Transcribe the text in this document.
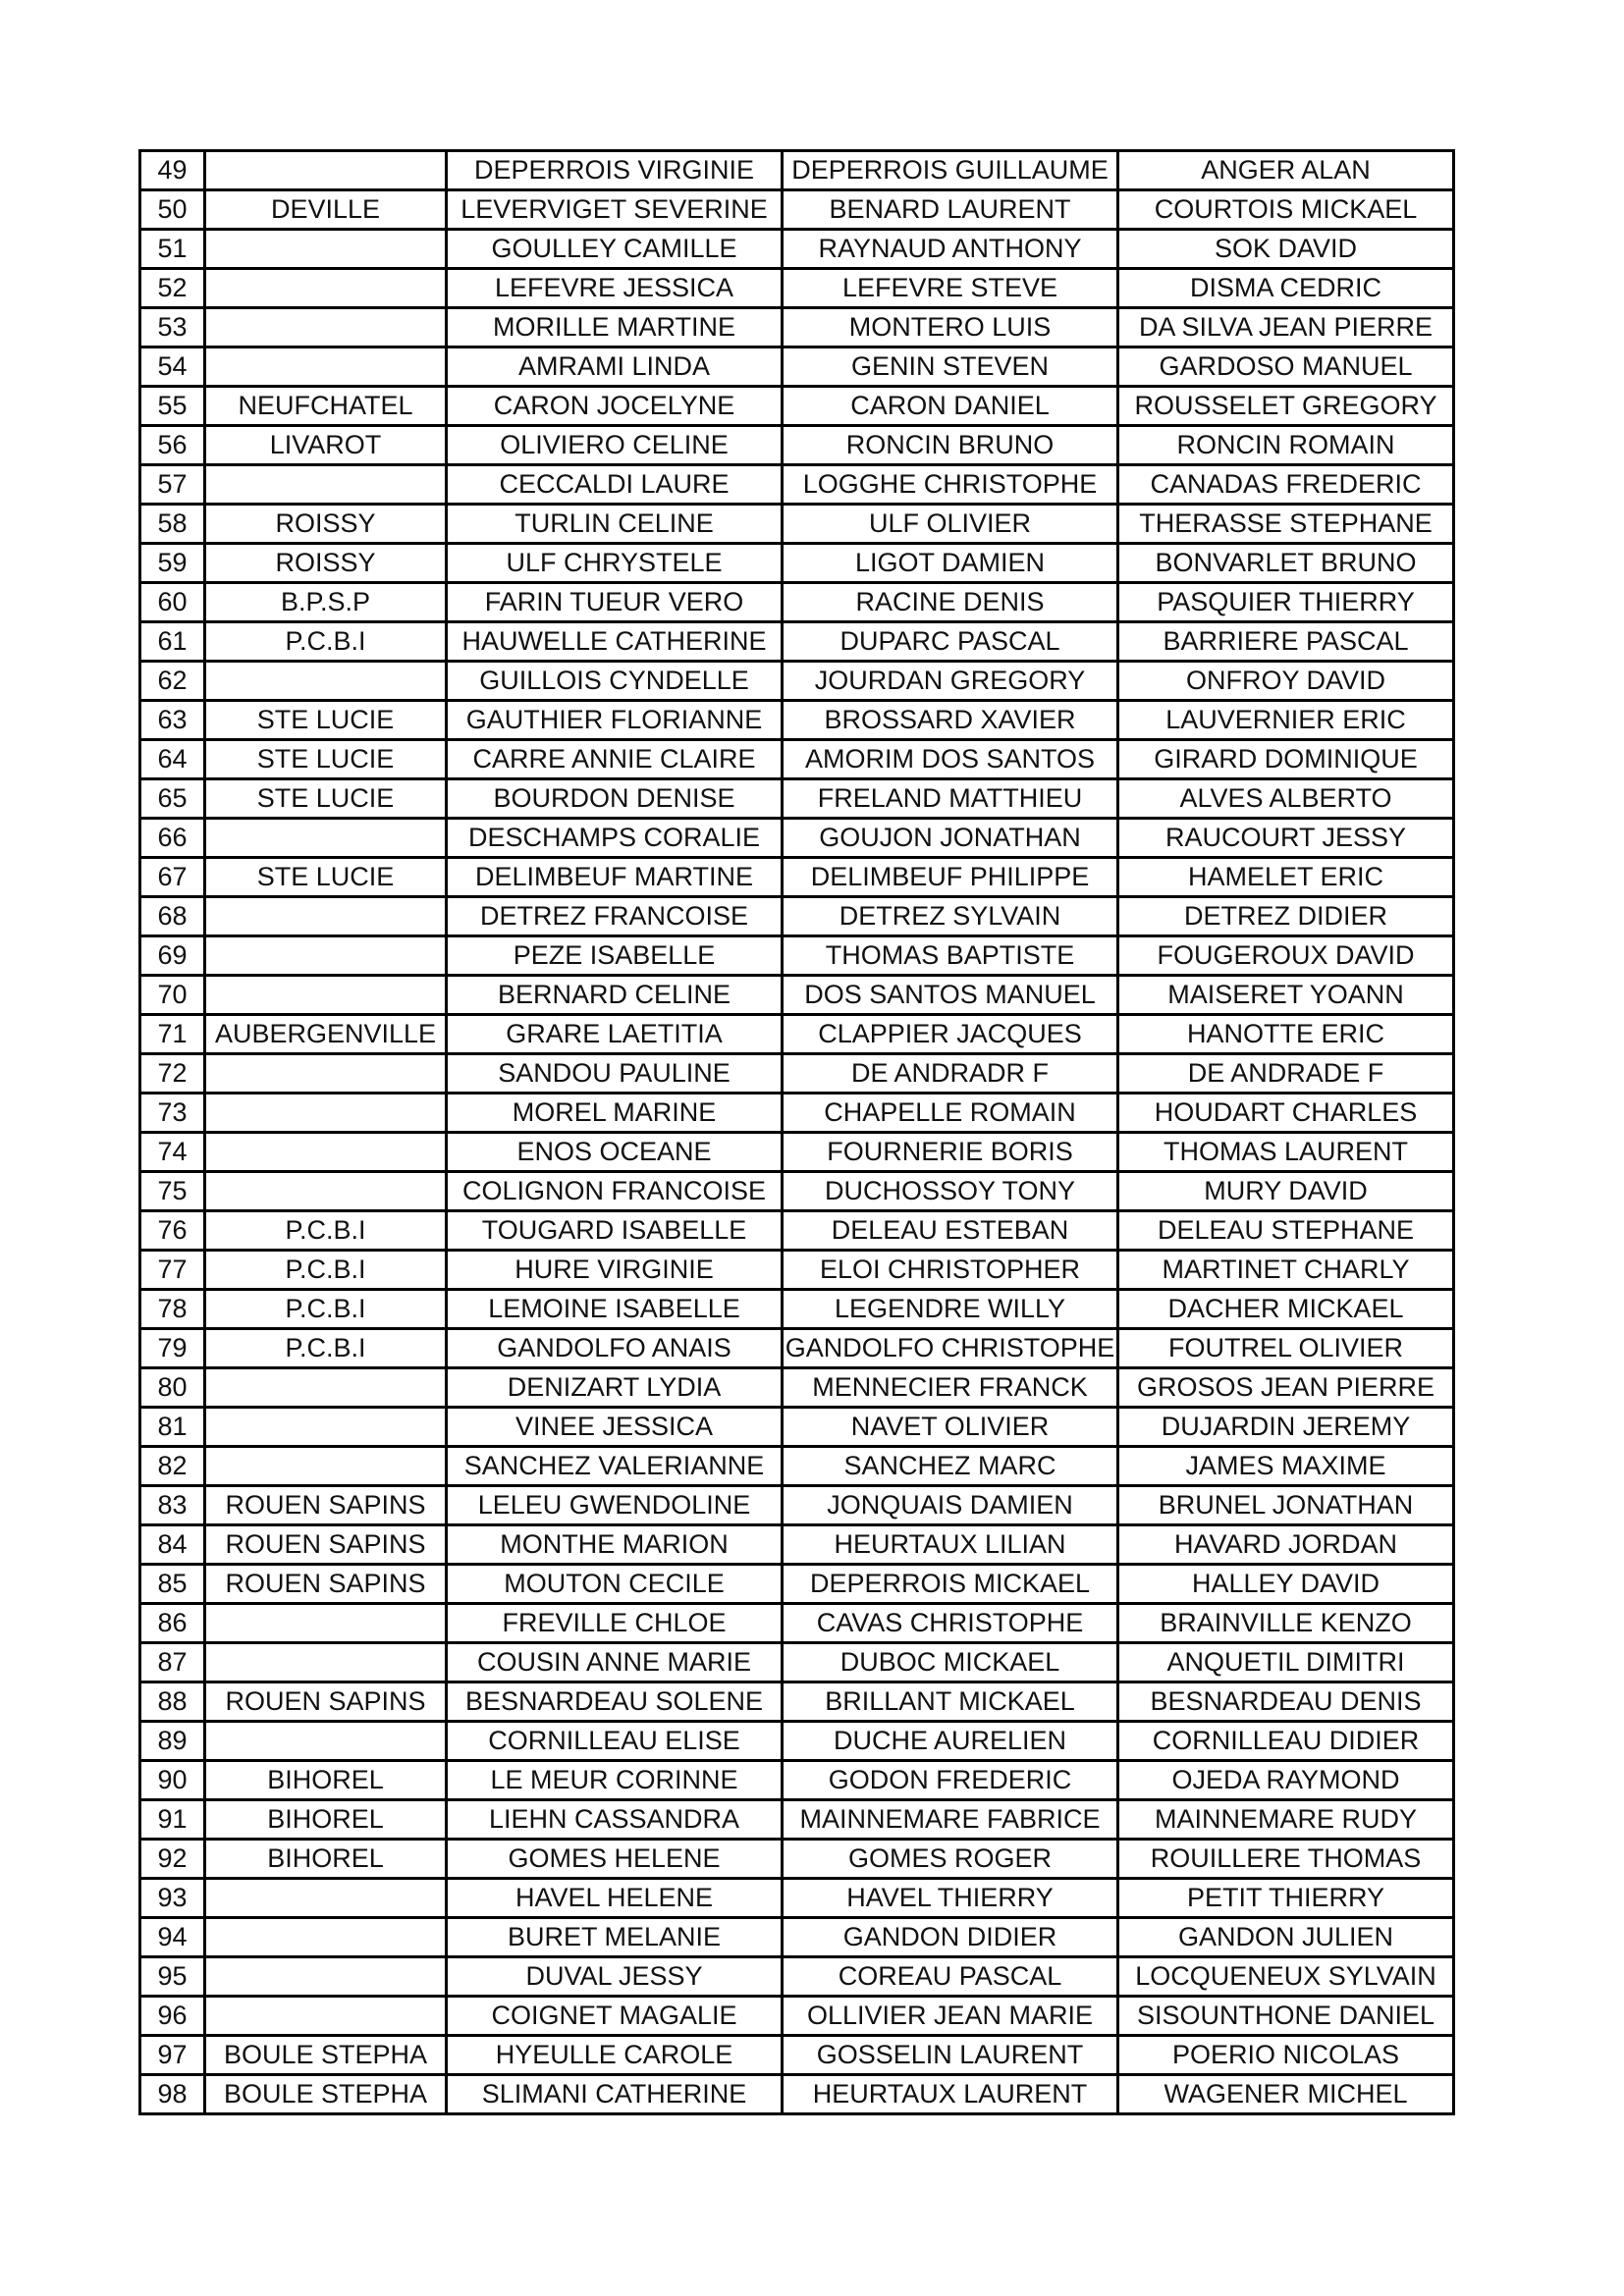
49		DEPERROIS VIRGINIE	DEPERROIS GUILLAUME	ANGER ALAN
50	DEVILLE	LEVERVIGET SEVERINE	BENARD LAURENT	COURTOIS MICKAEL
51		GOULLEY CAMILLE	RAYNAUD ANTHONY	SOK DAVID
52		LEFEVRE JESSICA	LEFEVRE STEVE	DISMA CEDRIC
53		MORILLE MARTINE	MONTERO LUIS	DA SILVA JEAN PIERRE
54		AMRAMI LINDA	GENIN STEVEN	GARDOSO MANUEL
55	NEUFCHATEL	CARON JOCELYNE	CARON DANIEL	ROUSSELET GREGORY
56	LIVAROT	OLIVIERO CELINE	RONCIN BRUNO	RONCIN ROMAIN
57		CECCALDI LAURE	LOGGHE CHRISTOPHE	CANADAS FREDERIC
58	ROISSY	TURLIN CELINE	ULF OLIVIER	THERASSE STEPHANE
59	ROISSY	ULF CHRYSTELE	LIGOT DAMIEN	BONVARLET BRUNO
60	B.P.S.P	FARIN TUEUR VERO	RACINE DENIS	PASQUIER THIERRY
61	P.C.B.I	HAUWELLE CATHERINE	DUPARC PASCAL	BARRIERE PASCAL
62		GUILLOIS CYNDELLE	JOURDAN GREGORY	ONFROY DAVID
63	STE LUCIE	GAUTHIER FLORIANNE	BROSSARD XAVIER	LAUVERNIER ERIC
64	STE LUCIE	CARRE ANNIE CLAIRE	AMORIM DOS SANTOS	GIRARD DOMINIQUE
65	STE LUCIE	BOURDON DENISE	FRELAND MATTHIEU	ALVES ALBERTO
66		DESCHAMPS CORALIE	GOUJON JONATHAN	RAUCOURT JESSY
67	STE LUCIE	DELIMBEUF MARTINE	DELIMBEUF PHILIPPE	HAMELET ERIC
68		DETREZ FRANCOISE	DETREZ SYLVAIN	DETREZ DIDIER
69		PEZE ISABELLE	THOMAS BAPTISTE	FOUGEROUX DAVID
70		BERNARD CELINE	DOS SANTOS MANUEL	MAISERET YOANN
71	AUBERGENVILLE	GRARE LAETITIA	CLAPPIER JACQUES	HANOTTE ERIC
72		SANDOU PAULINE	DE ANDRADR F	DE ANDRADE F
73		MOREL MARINE	CHAPELLE ROMAIN	HOUDART CHARLES
74		ENOS OCEANE	FOURNERIE BORIS	THOMAS LAURENT
75		COLIGNON FRANCOISE	DUCHOSSOY TONY	MURY DAVID
76	P.C.B.I	TOUGARD ISABELLE	DELEAU ESTEBAN	DELEAU STEPHANE
77	P.C.B.I	HURE VIRGINIE	ELOI CHRISTOPHER	MARTINET CHARLY
78	P.C.B.I	LEMOINE ISABELLE	LEGENDRE WILLY	DACHER MICKAEL
79	P.C.B.I	GANDOLFO ANAIS	GANDOLFO CHRISTOPHE	FOUTREL OLIVIER
80		DENIZART LYDIA	MENNECIER FRANCK	GROSOS JEAN PIERRE
81		VINEE JESSICA	NAVET OLIVIER	DUJARDIN JEREMY
82		SANCHEZ VALERIANNE	SANCHEZ MARC	JAMES MAXIME
83	ROUEN SAPINS	LELEU GWENDOLINE	JONQUAIS DAMIEN	BRUNEL JONATHAN
84	ROUEN SAPINS	MONTHE MARION	HEURTAUX LILIAN	HAVARD JORDAN
85	ROUEN SAPINS	MOUTON CECILE	DEPERROIS MICKAEL	HALLEY DAVID
86		FREVILLE CHLOE	CAVAS CHRISTOPHE	BRAINVILLE KENZO
87		COUSIN ANNE MARIE	DUBOC MICKAEL	ANQUETIL DIMITRI
88	ROUEN SAPINS	BESNARDEAU SOLENE	BRILLANT MICKAEL	BESNARDEAU DENIS
89		CORNILLEAU ELISE	DUCHE AURELIEN	CORNILLEAU DIDIER
90	BIHOREL	LE MEUR CORINNE	GODON FREDERIC	OJEDA RAYMOND
91	BIHOREL	LIEHN CASSANDRA	MAINNEMARE FABRICE	MAINNEMARE RUDY
92	BIHOREL	GOMES HELENE	GOMES ROGER	ROUILLERE THOMAS
93		HAVEL HELENE	HAVEL THIERRY	PETIT THIERRY
94		BURET MELANIE	GANDON DIDIER	GANDON JULIEN
95		DUVAL JESSY	COREAU PASCAL	LOCQUENEUX SYLVAIN
96		COIGNET MAGALIE	OLLIVIER JEAN MARIE	SISOUNTHONE DANIEL
97	BOULE STEPHA	HYEULLE CAROLE	GOSSELIN LAURENT	POERIO NICOLAS
98	BOULE STEPHA	SLIMANI CATHERINE	HEURTAUX LAURENT	WAGENER MICHEL
